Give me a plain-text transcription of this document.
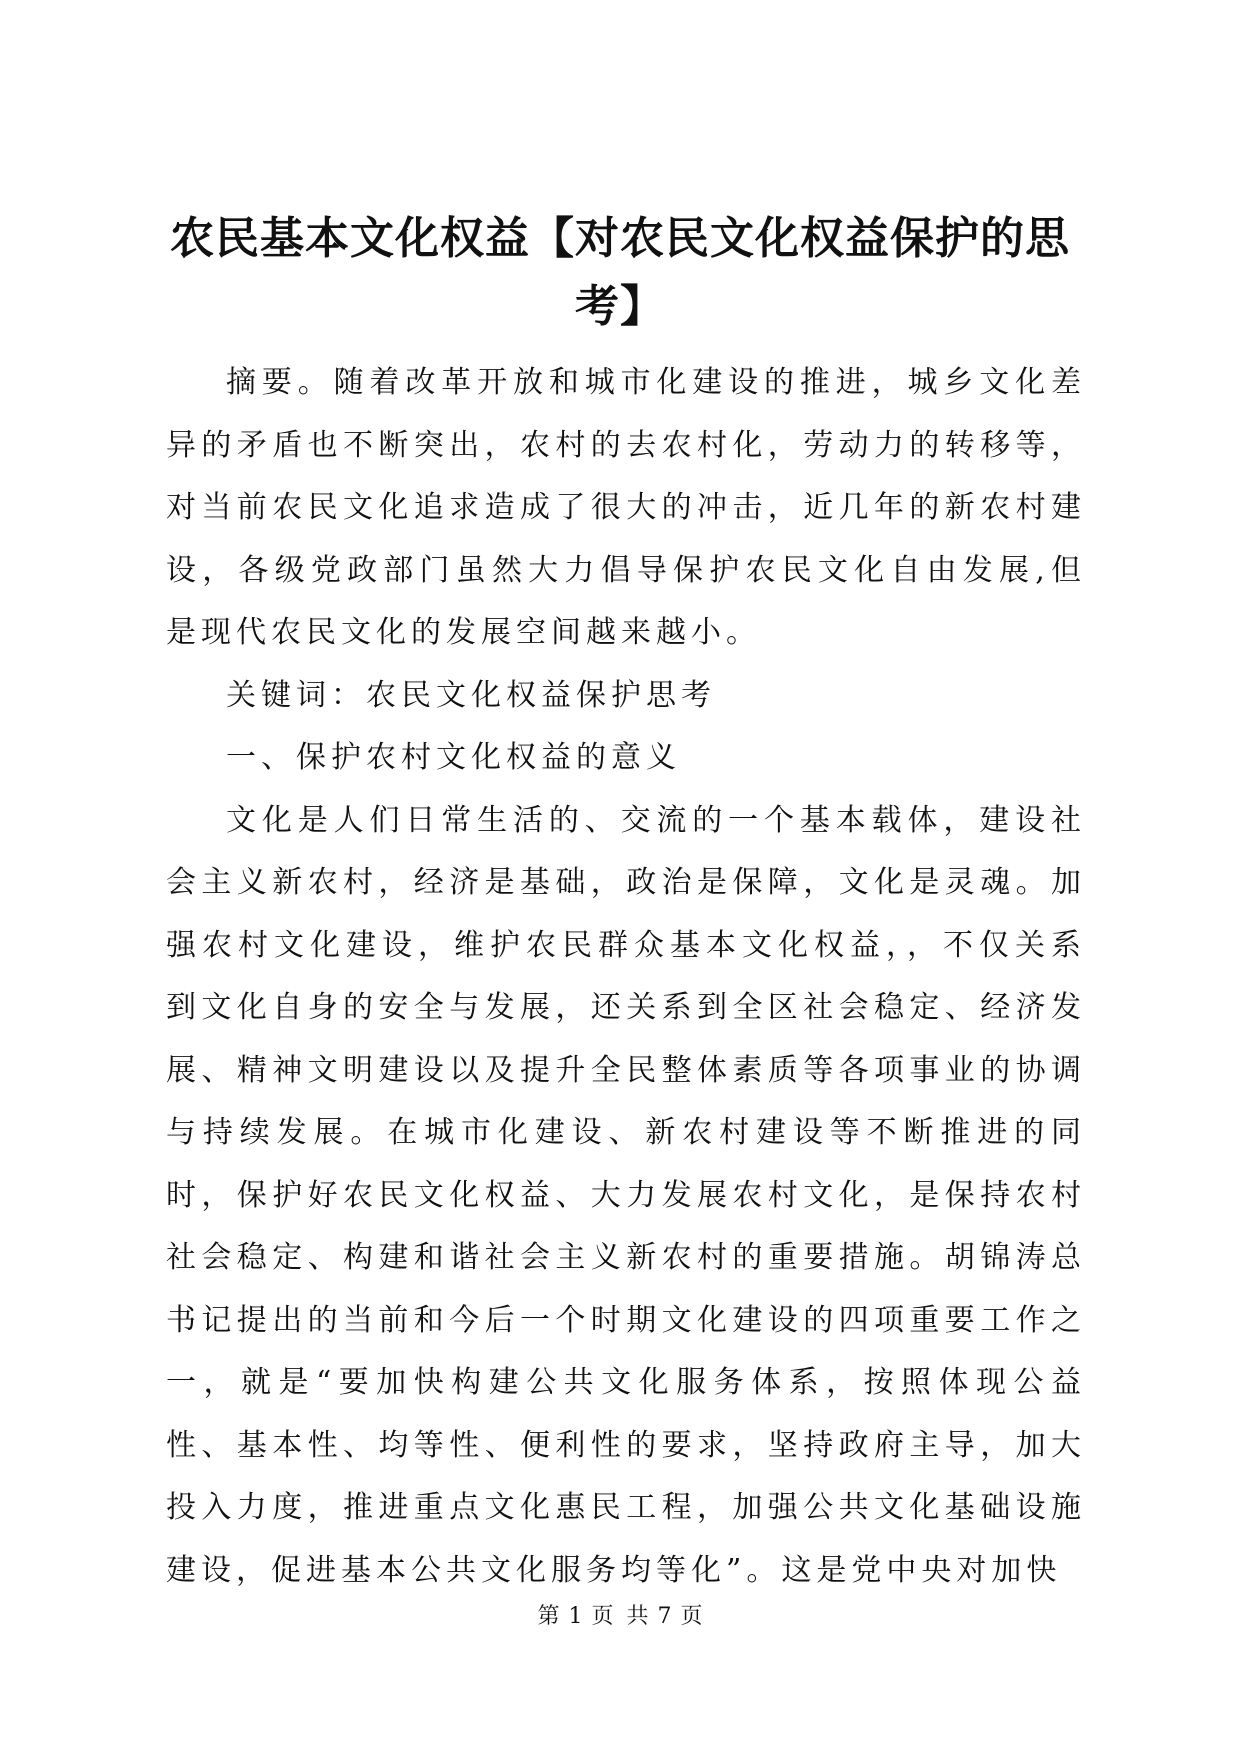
农民基本文化权益【对农民文化权益保护的思考】

摘要。随着改革开放和城市化建设的推进，城乡文化差异的矛盾也不断突出，农村的去农村化，劳动力的转移等，对当前农民文化追求造成了很大的冲击，近几年的新农村建设，各级党政部门虽然大力倡导保护农民文化自由发展,但是现代农民文化的发展空间越来越小。

关键词：农民文化权益保护思考

一、保护农村文化权益的意义

文化是人们日常生活的、交流的一个基本载体，建设社会主义新农村，经济是基础，政治是保障，文化是灵魂。加强农村文化建设，维护农民群众基本文化权益，，不仅关系到文化自身的安全与发展，还关系到全区社会稳定、经济发展、精神文明建设以及提升全民整体素质等各项事业的协调与持续发展。在城市化建设、新农村建设等不断推进的同时，保护好农民文化权益、大力发展农村文化，是保持农村社会稳定、构建和谐社会主义新农村的重要措施。胡锦涛总书记提出的当前和今后一个时期文化建设的四项重要工作之一，就是“要加快构建公共文化服务体系，按照体现公益性、基本性、均等性、便利性的要求，坚持政府主导，加大投入力度，推进重点文化惠民工程，加强公共文化基础设施建设，促进基本公共文化服务均等化”。这是党中央对加快

第 1 页 共 7 页
